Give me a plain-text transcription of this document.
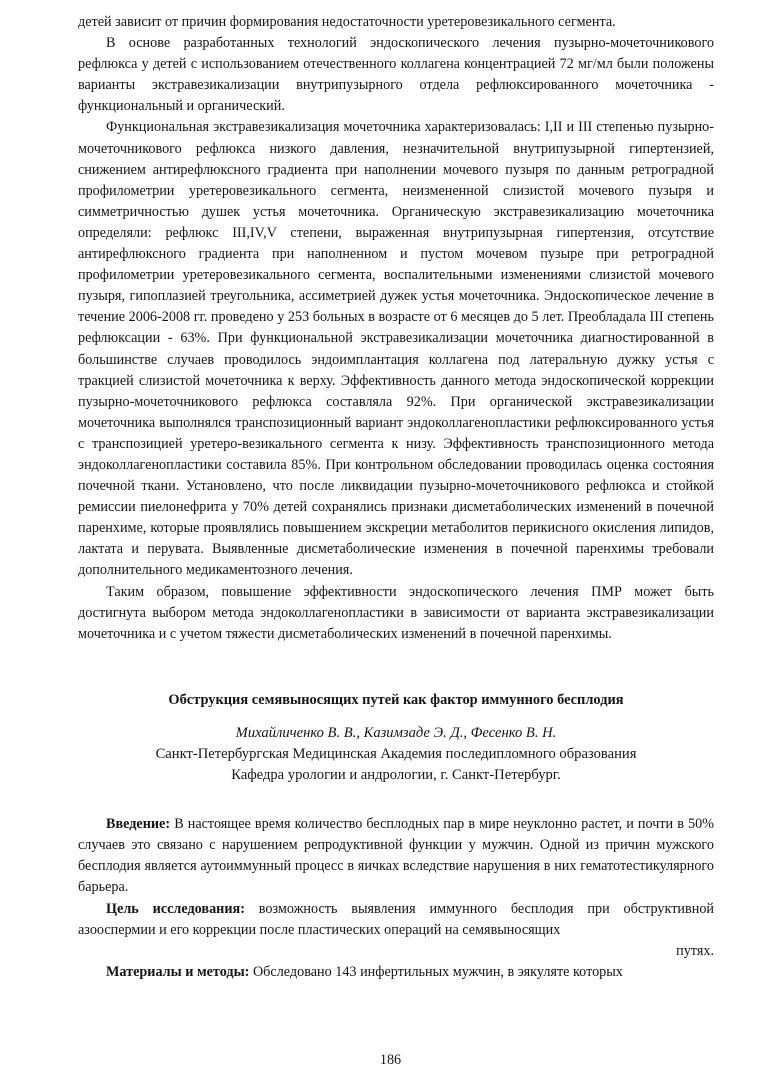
детей зависит от причин формирования недостаточности уретеровезикального сегмента.

В основе разработанных технологий эндоскопического лечения пузырно-мочеточникового рефлюкса у детей с использованием отечественного коллагена концентрацией 72 мг/мл были положены варианты экстравезикализации внутрипузырного отдела рефлюксированного мочеточника - функциональный и органический.

Функциональная экстравезикализация мочеточника характеризовалась: I,II и III степенью пузырно-мочеточникового рефлюкса низкого давления, незначительной внутрипузырной гипертензией, снижением антирефлюксного градиента при наполнении мочевого пузыря по данным ретроградной профилометрии уретеровезикального сегмента, неизмененной слизистой мочевого пузыря и симметричностью душек устья мочеточника. Органическую экстравезикализацию мочеточника определяли: рефлюкс III,IV,V степени, выраженная внутрипузырная гипертензия, отсутствие антирефлюксного градиента при наполненном и пустом мочевом пузыре при ретроградной профилометрии уретеровезикального сегмента, воспалительными изменениями слизистой мочевого пузыря, гипоплазией треугольника, ассиметрией дужек устья мочеточника. Эндоскопическое лечение в течение 2006-2008 гг. проведено у 253 больных в возрасте от 6 месяцев до 5 лет. Преобладала III степень рефлюксации - 63%. При функциональной экстравезикализации мочеточника диагностированной в большинстве случаев проводилось эндоимплантация коллагена под латеральную дужку устья с тракцией слизистой мочеточника к верху. Эффективность данного метода эндоскопической коррекции пузырно-мочеточникового рефлюкса составляла 92%. При органической экстравезикализации мочеточника выполнялся транспозиционный вариант эндоколлагенопластики рефлюксированного устья с транспозицией уретеро-везикального сегмента к низу. Эффективность транспозиционного метода эндоколлагенопластики составила 85%. При контрольном обследовании проводилась оценка состояния почечной ткани. Установлено, что после ликвидации пузырно-мочеточникового рефлюкса и стойкой ремиссии пиелонефрита у 70% детей сохранялись признаки дисметаболических изменений в почечной паренхиме, которые проявлялись повышением экскреции метаболитов перикисного окисления липидов, лактата и перувата. Выявленные дисметаболические изменения в почечной паренхимы требовали дополнительного медикаментозного лечения.

Таким образом, повышение эффективности эндоскопического лечения ПМР может быть достигнута выбором метода эндоколлагенопластики в зависимости от варианта экстравезикализации мочеточника и с учетом тяжести дисметаболических изменений в почечной паренхимы.

Обструкция семявыносящих путей как фактор иммунного бесплодия

Михайличенко В. В., Казимзаде Э. Д., Фесенко В. Н.

Санкт-Петербургская Медицинская Академия последипломного образования

Кафедра урологии и андрологии, г. Санкт-Петербург.

Введение: В настоящее время количество бесплодных пар в мире неуклонно растет, и почти в 50% случаев это связано с нарушением репродуктивной функции у мужчин. Одной из причин мужского бесплодия является аутоиммунный процесс в яичках вследствие нарушения в них гематотестикулярного барьера.

Цель исследования: возможность выявления иммунного бесплодия при обструктивной азооспермии и его коррекции после пластических операций на семявыносящих

путях.

Материалы и методы: Обследовано 143 инфертильных мужчин, в эякуляте которых

186
